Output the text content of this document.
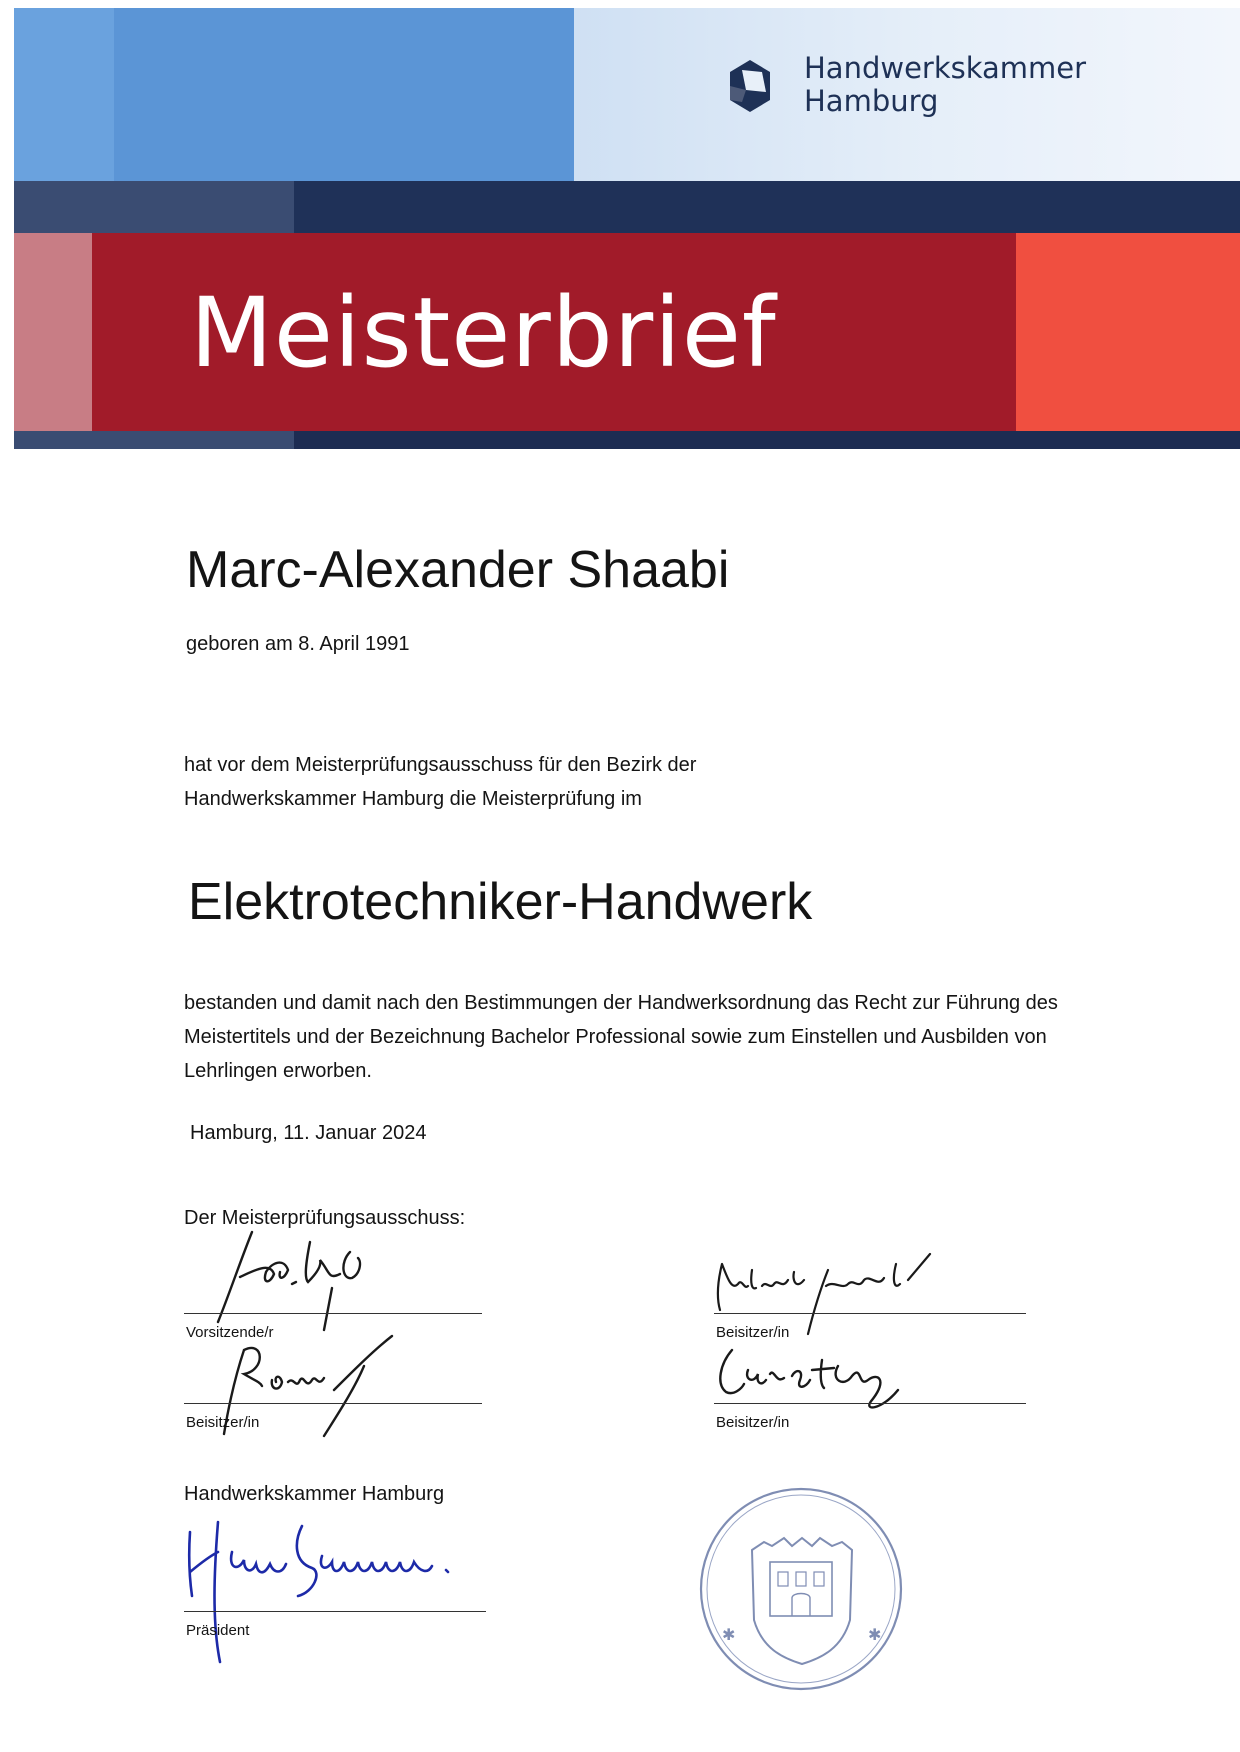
Handwerkskammer
Hamburg
Meisterbrief
Marc-Alexander Shaabi
geboren am 8. April 1991
hat vor dem Meisterprüfungsausschuss für den Bezirk der
Handwerkskammer Hamburg die Meisterprüfung im
Elektrotechniker-Handwerk
bestanden und damit nach den Bestimmungen der Handwerksordnung das Recht zur Führung des
Meistertitels und der Bezeichnung Bachelor Professional sowie zum Einstellen und Ausbilden von
Lehrlingen erworben.
Hamburg, 11. Januar 2024
Der Meisterprüfungsausschuss:
Vorsitzende/r
Beisitzer/in
Beisitzer/in
Beisitzer/in
Handwerkskammer Hamburg
Präsident	✱	✱
